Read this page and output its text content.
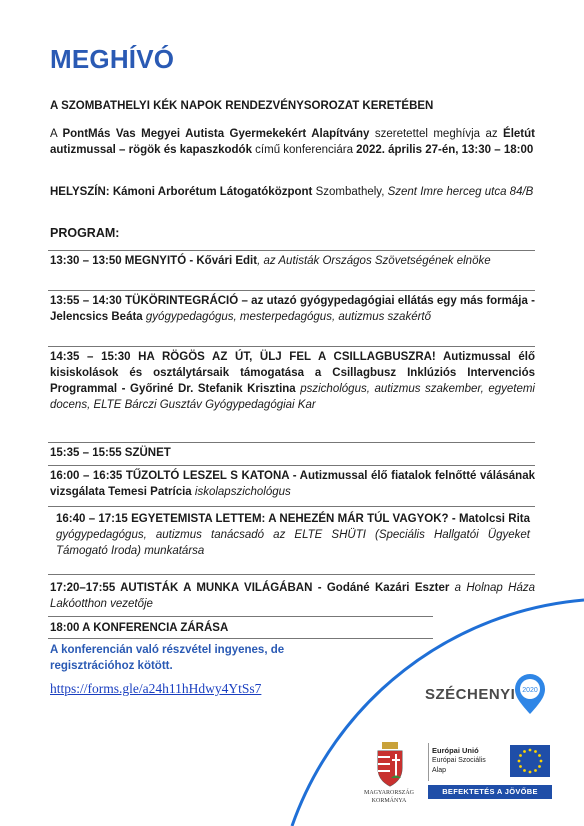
MEGHÍVÓ
A SZOMBATHELYI KÉK NAPOK RENDEZVÉNYSOROZAT KERETÉBEN
A PontMás Vas Megyei Autista Gyermekekért Alapítvány szeretettel meghívja az Életút autizmussal – rögök és kapaszkodók című konferenciára 2022. április 27-én, 13:30 – 18:00
HELYSZÍN: Kámoni Arborétum Látogatóközpont Szombathely, Szent Imre herceg utca 84/B
PROGRAM:
13:30 – 13:50 MEGNYITÓ - Kővári Edit, az Autisták Országos Szövetségének elnöke
13:55 – 14:30 TÜKÖRINTEGRÁCIÓ – az utazó gyógypedagógiai ellátás egy más formája - Jelencsics Beáta gyógypedagógus, mesterpedagógus, autizmus szakértő
14:35 – 15:30 HA RÖGÖS AZ ÚT, ÜLJ FEL A CSILLAGBUSZRA! Autizmussal élő kisiskolások és osztálytársaik támogatása a Csillagbusz Inklúziós Intervenciós Programmal - Győriné Dr. Stefanik Krisztina pszichológus, autizmus szakember, egyetemi docens, ELTE Bárczi Gusztáv Gyógypedagógiai Kar
15:35 – 15:55 SZÜNET
16:00 – 16:35 TŰZOLTÓ LESZEL S KATONA - Autizmussal élő fiatalok felnőtté válásának vizsgálata Temesi Patrícia iskolapszichológus
16:40 – 17:15 EGYETEMISTA LETTEM: A NEHEZÉN MÁR TÚL VAGYOK? - Matolcsi Rita gyógypedagógus, autizmus tanácsadó az ELTE SHÜTI (Speciális Hallgatói Ügyeket Támogató Iroda) munkatársa
17:20–17:55 AUTISTÁK A MUNKA VILÁGÁBAN - Godáné Kazári Eszter a Holnap Háza Lakóotthon vezetője
18:00 A KONFERENCIA ZÁRÁSA
A konferencián való részvétel ingyenes, de regisztrációhoz kötött.
https://forms.gle/a24h11hHdwy4YtSs7	SZÉCHENYI 2020
MAGYARORSZÁG
KORMÁNYA
Európai Unió
Európai Szociális
Alap
BEFEKTETÉS A JÖVŐBE
